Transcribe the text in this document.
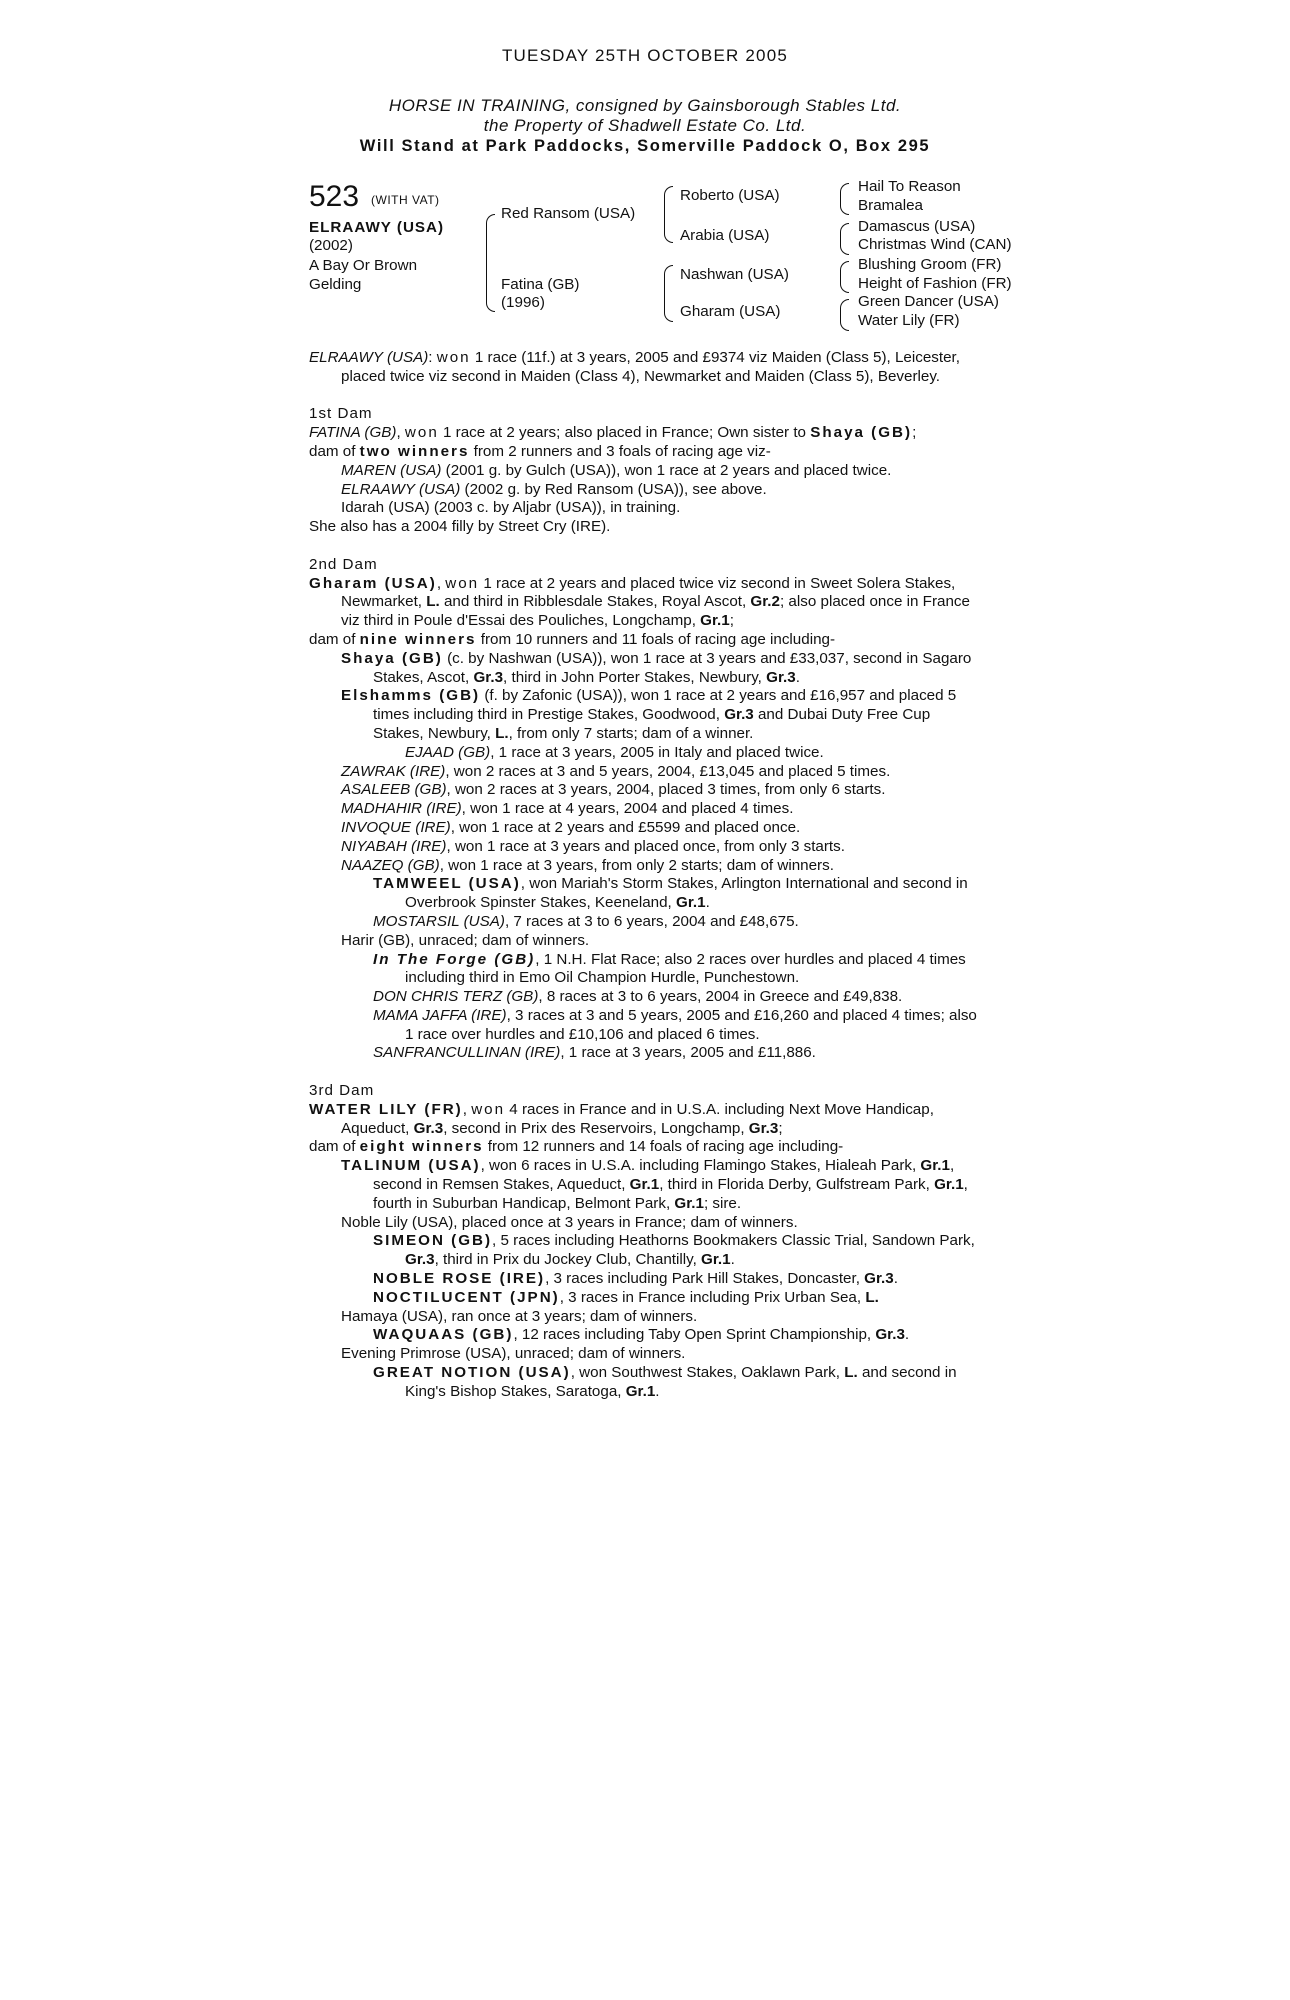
TUESDAY 25TH OCTOBER 2005
HORSE IN TRAINING, consigned by Gainsborough Stables Ltd.
the Property of Shadwell Estate Co. Ltd.
Will Stand at Park Paddocks, Somerville Paddock O, Box 295
523 (WITH VAT)
ELRAAWY (USA)
(2002)
A Bay Or Brown
Gelding
Red Ransom (USA)
Fatina (GB)
(1996)
Roberto (USA)
Arabia (USA)
Nashwan (USA)
Gharam (USA)
Hail To Reason
Bramalea
Damascus (USA)
Christmas Wind (CAN)
Blushing Groom (FR)
Height of Fashion (FR)
Green Dancer (USA)
Water Lily (FR)

ELRAAWY (USA): won 1 race (11f.) at 3 years, 2005 and £9374 viz Maiden (Class 5), Leicester, placed twice viz second in Maiden (Class 4), Newmarket and Maiden (Class 5), Beverley.

1st Dam

FATINA (GB), won 1 race at 2 years; also placed in France; Own sister to Shaya (GB);

dam of two winners from 2 runners and 3 foals of racing age viz-

MAREN (USA) (2001 g. by Gulch (USA)), won 1 race at 2 years and placed twice.

ELRAAWY (USA) (2002 g. by Red Ransom (USA)), see above.

Idarah (USA) (2003 c. by Aljabr (USA)), in training.

She also has a 2004 filly by Street Cry (IRE).

2nd Dam

Gharam (USA), won 1 race at 2 years and placed twice viz second in Sweet Solera Stakes, Newmarket, L. and third in Ribblesdale Stakes, Royal Ascot, Gr.2; also placed once in France viz third in Poule d'Essai des Pouliches, Longchamp, Gr.1;

dam of nine winners from 10 runners and 11 foals of racing age including-

Shaya (GB) (c. by Nashwan (USA)), won 1 race at 3 years and £33,037, second in Sagaro Stakes, Ascot, Gr.3, third in John Porter Stakes, Newbury, Gr.3.

Elshamms (GB) (f. by Zafonic (USA)), won 1 race at 2 years and £16,957 and placed 5 times including third in Prestige Stakes, Goodwood, Gr.3 and Dubai Duty Free Cup Stakes, Newbury, L., from only 7 starts; dam of a winner.

EJAAD (GB), 1 race at 3 years, 2005 in Italy and placed twice.

ZAWRAK (IRE), won 2 races at 3 and 5 years, 2004, £13,045 and placed 5 times.

ASALEEB (GB), won 2 races at 3 years, 2004, placed 3 times, from only 6 starts.

MADHAHIR (IRE), won 1 race at 4 years, 2004 and placed 4 times.

INVOQUE (IRE), won 1 race at 2 years and £5599 and placed once.

NIYABAH (IRE), won 1 race at 3 years and placed once, from only 3 starts.

NAAZEQ (GB), won 1 race at 3 years, from only 2 starts; dam of winners.

TAMWEEL (USA), won Mariah's Storm Stakes, Arlington International and second in Overbrook Spinster Stakes, Keeneland, Gr.1.

MOSTARSIL (USA), 7 races at 3 to 6 years, 2004 and £48,675.

Harir (GB), unraced; dam of winners.

In The Forge (GB), 1 N.H. Flat Race; also 2 races over hurdles and placed 4 times including third in Emo Oil Champion Hurdle, Punchestown.

DON CHRIS TERZ (GB), 8 races at 3 to 6 years, 2004 in Greece and £49,838.

MAMA JAFFA (IRE), 3 races at 3 and 5 years, 2005 and £16,260 and placed 4 times; also 1 race over hurdles and £10,106 and placed 6 times.

SANFRANCULLINAN (IRE), 1 race at 3 years, 2005 and £11,886.

3rd Dam

WATER LILY (FR), won 4 races in France and in U.S.A. including Next Move Handicap, Aqueduct, Gr.3, second in Prix des Reservoirs, Longchamp, Gr.3;

dam of eight winners from 12 runners and 14 foals of racing age including-

TALINUM (USA), won 6 races in U.S.A. including Flamingo Stakes, Hialeah Park, Gr.1, second in Remsen Stakes, Aqueduct, Gr.1, third in Florida Derby, Gulfstream Park, Gr.1, fourth in Suburban Handicap, Belmont Park, Gr.1; sire.

Noble Lily (USA), placed once at 3 years in France; dam of winners.

SIMEON (GB), 5 races including Heathorns Bookmakers Classic Trial, Sandown Park, Gr.3, third in Prix du Jockey Club, Chantilly, Gr.1.

NOBLE ROSE (IRE), 3 races including Park Hill Stakes, Doncaster, Gr.3.

NOCTILUCENT (JPN), 3 races in France including Prix Urban Sea, L.

Hamaya (USA), ran once at 3 years; dam of winners.

WAQUAAS (GB), 12 races including Taby Open Sprint Championship, Gr.3.

Evening Primrose (USA), unraced; dam of winners.

GREAT NOTION (USA), won Southwest Stakes, Oaklawn Park, L. and second in King's Bishop Stakes, Saratoga, Gr.1.
